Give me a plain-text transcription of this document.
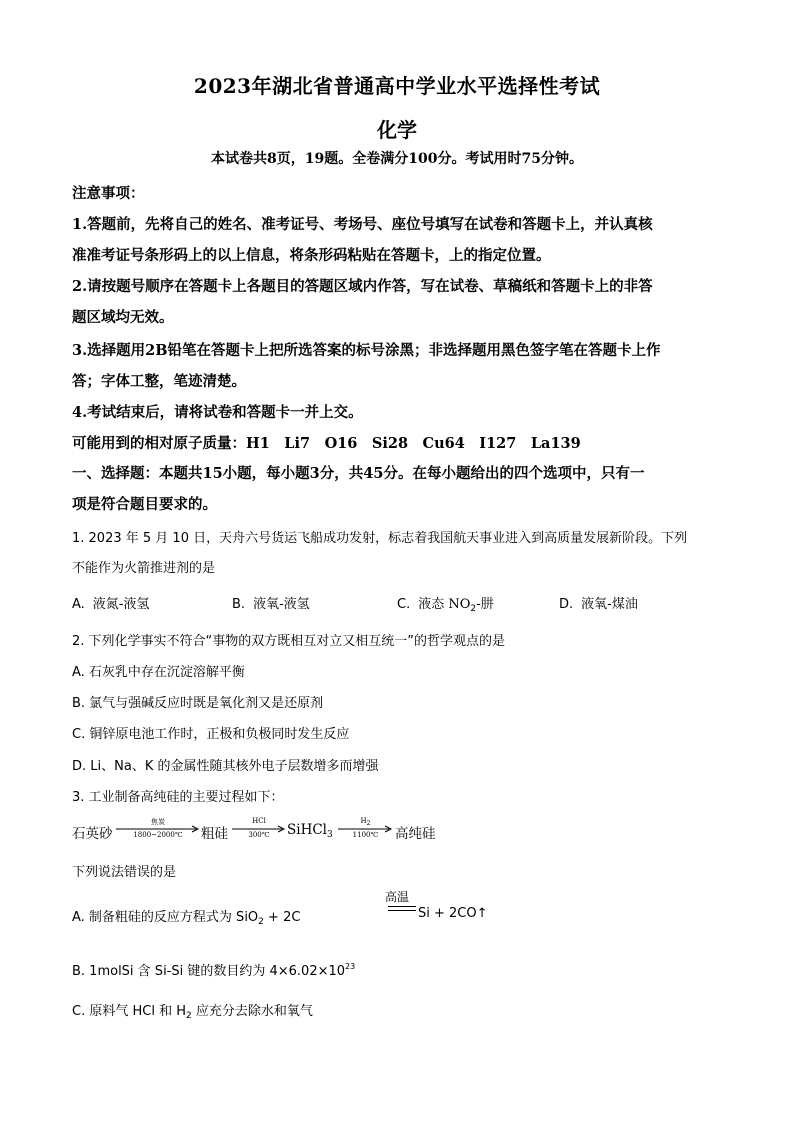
2023年湖北省普通高中学业水平选择性考试
化学
本试卷共8页，19题。全卷满分100分。考试用时75分钟。
注意事项：
1.答题前，先将自己的姓名、准考证号、考场号、座位号填写在试卷和答题卡上，并认真核
准准考证号条形码上的以上信息，将条形码粘贴在答题卡，上的指定位置。
2.请按题号顺序在答题卡上各题目的答题区域内作答，写在试卷、草稿纸和答题卡上的非答
题区域均无效。
3.选择题用2B铅笔在答题卡上把所选答案的标号涂黑；非选择题用黑色签字笔在答题卡上作
答；字体工整，笔迹清楚。
4.考试结束后，请将试卷和答题卡一并上交。
可能用到的相对原子质量：H1　Li7　O16　Si28　Cu64　I127　La139
一、选择题：本题共15小题，每小题3分，共45分。在每小题给出的四个选项中，只有一
项是符合题目要求的。
1. 2023 年 5 月 10 日，天舟六号货运飞船成功发射，标志着我国航天事业进入到高质量发展新阶段。下列
不能作为火箭推进剂的是
A. 液氮-液氢	B. 液氧-液氢	C. 液态 $NO_2-$肼	D. 液氧-煤油
2. 下列化学事实不符合“事物的双方既相互对立又相互统一”的哲学观点的是
A. 石灰乳中存在沉淀溶解平衡
B. 氯气与强碱反应时既是氧化剂又是还原剂
C. 铜锌原电池工作时，正极和负极同时发生反应
D. Li、Na、K 的金属性随其核外电子层数增多而增强
3. 工业制备高纯硅的主要过程如下：
石英砂
焦炭
1800~2000℃	粗硅
HCl
300℃	SiHCl$_3$
$H_2$
1100℃	高纯硅
下列说法错误的是
A. 制备粗硅的反应方程式为 SiO$_2$ + 2C
高温
Si + 2CO↑
B. 1molSi 含 Si-Si 键的数目约为 $4\times 6.02\times 10^{23}$
C. 原料气 HCl 和 $H_2$ 应充分去除水和氧气
